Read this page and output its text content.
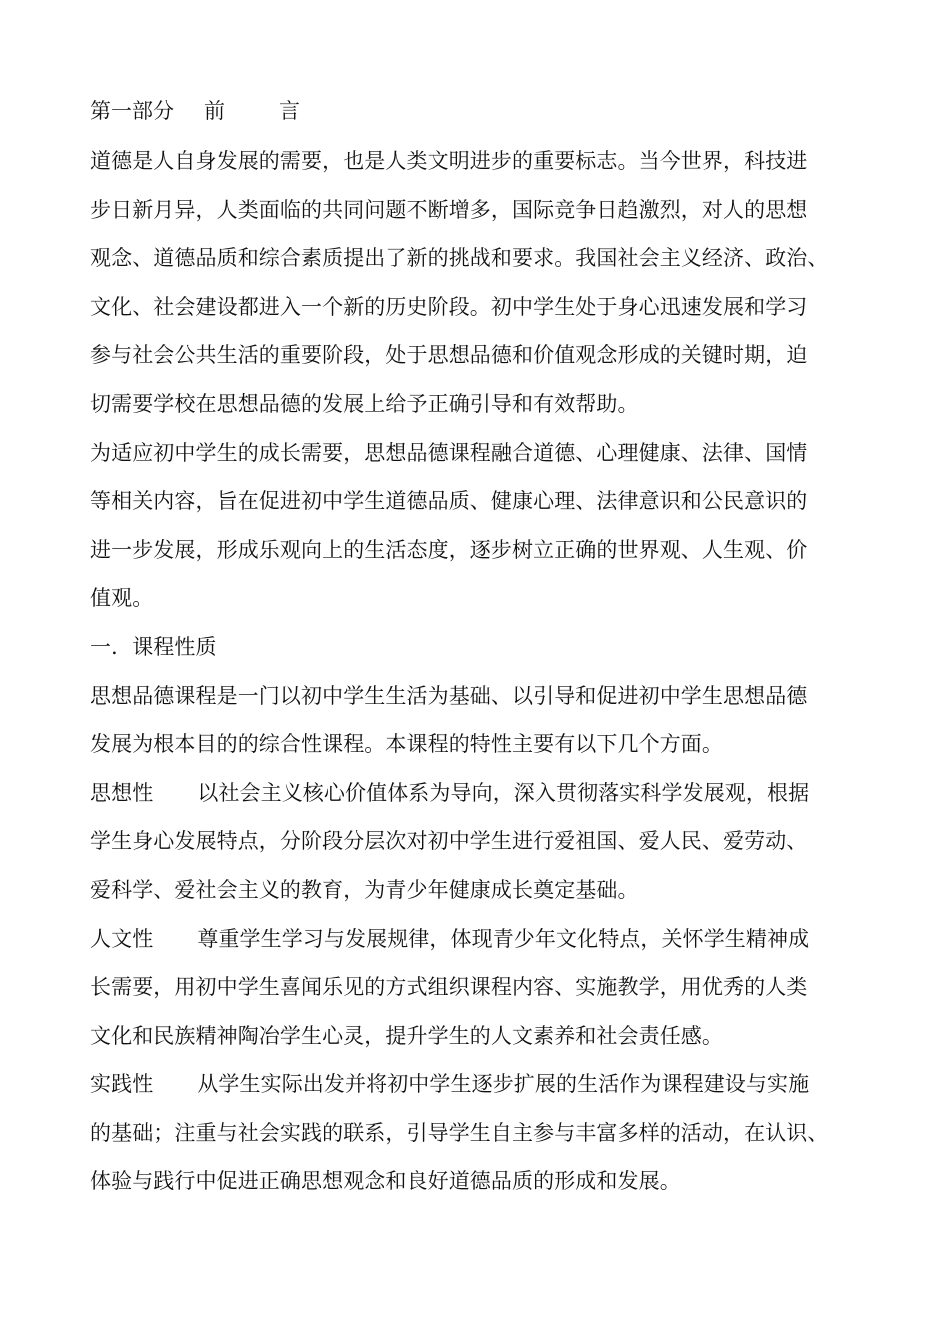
第一部分 前	言
道德是人自身发展的需要，也是人类文明进步的重要标志。当今世界，科技进
步日新月异，人类面临的共同问题不断增多，国际竞争日趋激烈，对人的思想
观念、道德品质和综合素质提出了新的挑战和要求。我国社会主义经济、政治、
文化、社会建设都进入一个新的历史阶段。初中学生处于身心迅速发展和学习
参与社会公共生活的重要阶段，处于思想品德和价值观念形成的关键时期，迫
切需要学校在思想品德的发展上给予正确引导和有效帮助。
为适应初中学生的成长需要，思想品德课程融合道德、心理健康、法律、国情
等相关内容，旨在促进初中学生道德品质、健康心理、法律意识和公民意识的
进一步发展，形成乐观向上的生活态度，逐步树立正确的世界观、人生观、价
值观。
一．课程性质
思想品德课程是一门以初中学生生活为基础、以引导和促进初中学生思想品德
发展为根本目的的综合性课程。本课程的特性主要有以下几个方面。
思想性 以社会主义核心价值体系为导向，深入贯彻落实科学发展观，根据
学生身心发展特点，分阶段分层次对初中学生进行爱祖国、爱人民、爱劳动、
爱科学、爱社会主义的教育，为青少年健康成长奠定基础。
人文性 尊重学生学习与发展规律，体现青少年文化特点，关怀学生精神成
长需要，用初中学生喜闻乐见的方式组织课程内容、实施教学，用优秀的人类
文化和民族精神陶冶学生心灵，提升学生的人文素养和社会责任感。
实践性 从学生实际出发并将初中学生逐步扩展的生活作为课程建设与实施
的基础；注重与社会实践的联系，引导学生自主参与丰富多样的活动，在认识、
体验与践行中促进正确思想观念和良好道德品质的形成和发展。
